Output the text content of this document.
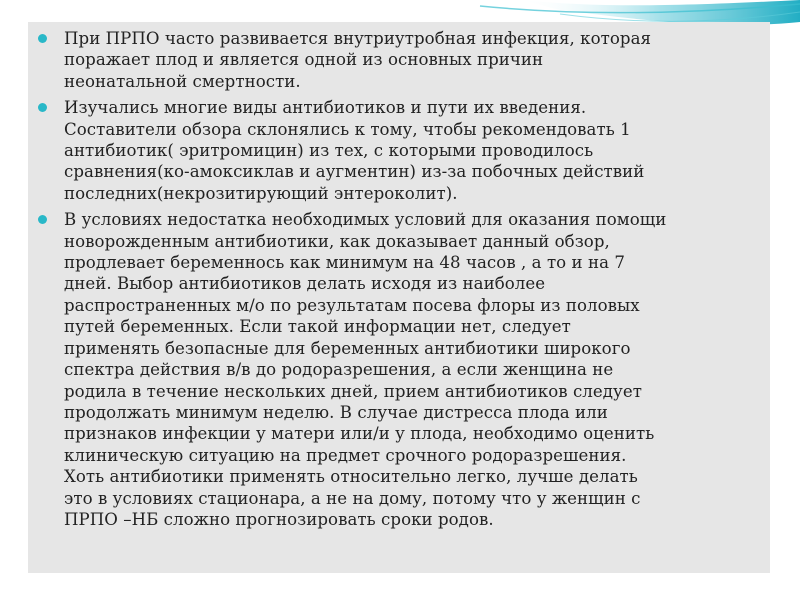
При ПРПО часто развивается внутриутробная инфекция, которая
поражает плод и является одной из основных причин
неонатальной смертности.
Изучались многие виды антибиотиков и пути их введения.
Составители обзора склонялись к тому, чтобы рекомендовать 1
антибиотик( эритромицин) из тех, с которыми проводилось
сравнения(ко-амоксиклав и аугментин) из-за побочных действий
последних(некрозитирующий энтероколит).
В условиях недостатка необходимых условий для оказания помощи
новорожденным антибиотики, как доказывает данный обзор,
продлевает беременнось как минимум на 48 часов , а то и на 7
дней. Выбор антибиотиков делать исходя из наиболее
распространенных м/о по результатам посева флоры из половых
путей беременных. Если такой информации нет, следует
применять безопасные для беременных антибиотики широкого
спектра действия в/в до родоразрешения, а если женщина не
родила в течение нескольких дней, прием антибиотиков следует
продолжать минимум неделю. В случае дистресса плода или
признаков инфекции у матери или/и у плода, необходимо оценить
клиническую ситуацию на предмет срочного родоразрешения.
Хоть антибиотики применять относительно легко, лучше делать
это в условиях стационара, а не на дому, потому что у женщин с
ПРПО –НБ сложно прогнозировать сроки родов.
